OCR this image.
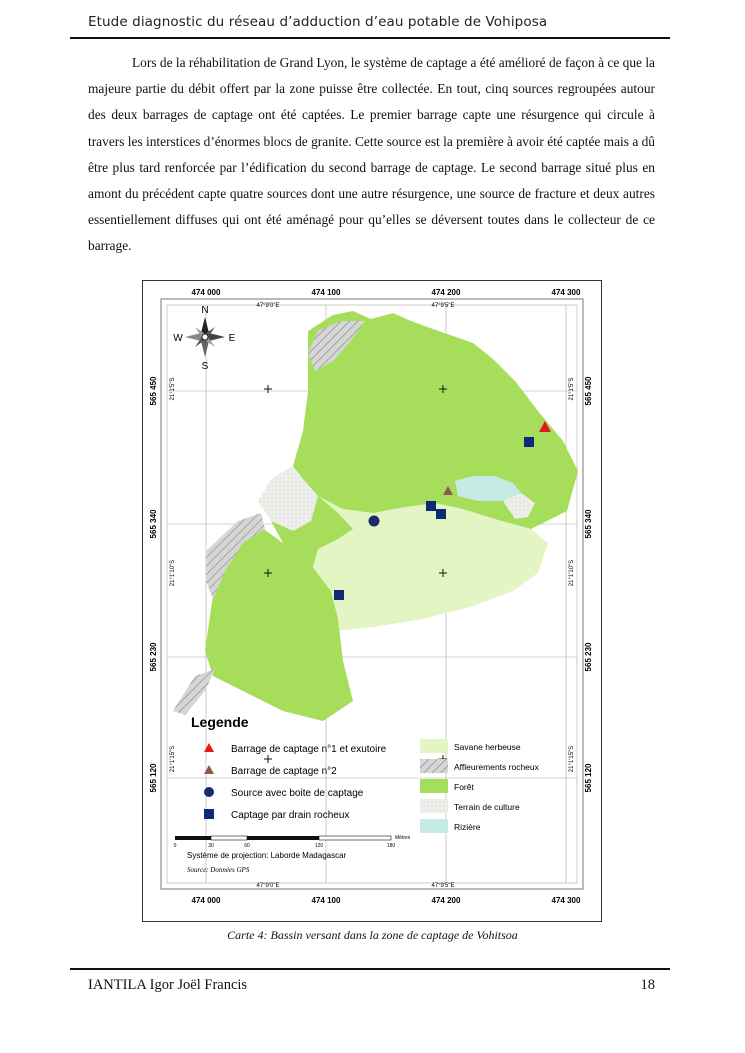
Etude diagnostic du réseau d’adduction d’eau potable de Vohiposa

Lors de la réhabilitation de Grand Lyon, le système de captage a été amélioré de façon à ce que la majeure partie du débit offert par la zone puisse être collectée. En tout, cinq sources regroupées autour des deux barrages de captage ont été captées. Le premier barrage capte une résurgence qui circule à travers les interstices d’énormes blocs de granite. Cette source est la première à avoir été captée mais a dû être plus tard renforcée par l’édification du second barrage de captage. Le second barrage situé plus en amont du précédent capte quatre sources dont une autre résurgence, une source de fracture et deux autres essentiellement diffuses qui ont été aménagé pour qu’elles se déversent toutes dans le collecteur de ce barrage.

N
S
E
W
474 000	474 100	474 200	474 300
474 000	474 100	474 200	474 300
47°9'0"E	47°9'5"E
47°9'0"E	47°9'5"E
565 450
565 340
565 230
565 120
565 450
565 340
565 230
565 120
21°1'5"S
21°1'10"S
21°1'15"S
21°1'5"S
21°1'10"S
21°1'15"S
Legende
Barrage de captage n°1 et exutoire
Barrage de captage n°2
Source avec boite de captage
Captage par drain rocheux
Savane herbeuse
Affleurements rocheux
Forêt
Terrain de culture
Rizière
0	30	60	120	180
Mètres
Système de projection: Laborde Madagascar
Source: Données GPS
Carte 4: Bassin versant dans la zone de captage de Vohitsoa
IANTILA Igor Joël Francis	18
